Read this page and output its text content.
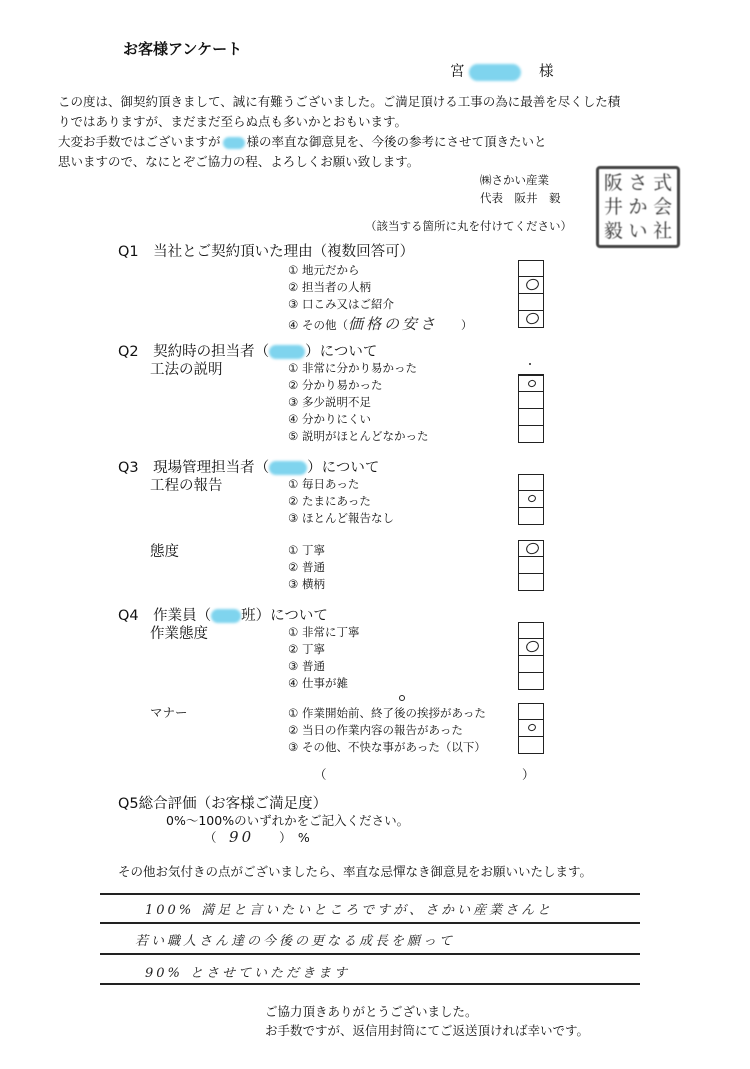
お客様アンケート
宮　	様
この度は、御契約頂きまして、誠に有難うございました。ご満足頂ける工事の為に最善を尽くした積
りではありますが、まだまだ至らぬ点も多いかとおもいます。
大変お手数ではございますが 様の率直な御意見を、今後の参考にさせて頂きたいと
思いますので、なにとぞご協力の程、よろしくお願い致します。
㈱さかい産業
代表　阪井　毅
阪 さ 式
井 か 会
毅 い 社
（該当する箇所に丸を付けてください）
Q1　当社とご契約頂いた理由（複数回答可）
① 地元だから
② 担当者の人柄
③ 口こみ又はご紹介
④ その他（価格の安さ　　 ）
Q2　契約時の担当者（ ）について
工法の説明	① 非常に分かり易かった
② 分かり易かった
③ 多少説明不足
④ 分かりにくい
⑤ 説明がほとんどなかった
Q3　現場管理担当者（	）について
工程の報告	① 毎日あった
② たまにあった
③ ほとんど報告なし
態度	① 丁寧
② 普通
③ 横柄
Q4　作業員（ 班）について
作業態度	① 非常に丁寧
② 丁寧
③ 普通
④ 仕事が雑
マナー	① 作業開始前、終了後の挨拶があった
② 当日の作業内容の報告があった
③ その他、不快な事があった（以下）
（	）
Q5総合評価（お客様ご満足度）
0%～100%のいずれかをご記入ください。
（　 90　　 ）　%
その他お気付きの点がございましたら、率直な忌憚なき御意見をお願いいたします。
100% 満足と言いたいところですが、さかい産業さんと
若い職人さん達の今後の更なる成長を願って
90% とさせていただきます
ご協力頂きありがとうございました。
お手数ですが、返信用封筒にてご返送頂ければ幸いです。
